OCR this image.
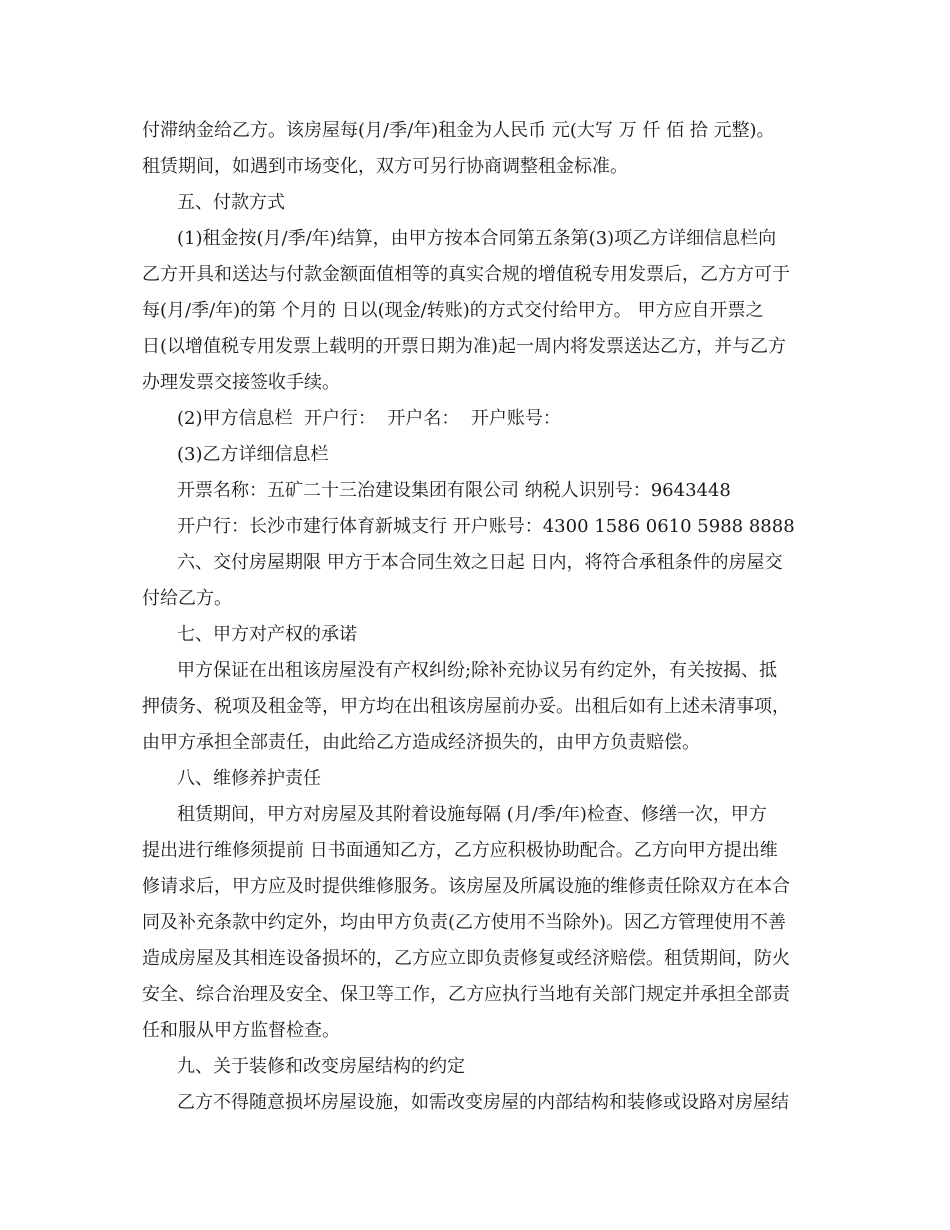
付滞纳金给乙方。该房屋每(月/季/年)租金为人民币 元(大写 万 仟 佰 拾 元整)。
租赁期间，如遇到市场变化，双方可另行协商调整租金标准。
五、付款方式
(1)租金按(月/季/年)结算，由甲方按本合同第五条第(3)项乙方详细信息栏向
乙方开具和送达与付款金额面值相等的真实合规的增值税专用发票后，乙方方可于
每(月/季/年)的第 个月的 日以(现金/转账)的方式交付给甲方。 甲方应自开票之
日(以增值税专用发票上载明的开票日期为准)起一周内将发票送达乙方，并与乙方
办理发票交接签收手续。
(2)甲方信息栏  开户行：  开户名：  开户账号：
(3)乙方详细信息栏
开票名称：五矿二十三冶建设集团有限公司 纳税人识别号：9643448
开户行：长沙市建行体育新城支行 开户账号：4300 1586 0610 5988 8888
六、交付房屋期限 甲方于本合同生效之日起 日内，将符合承租条件的房屋交
付给乙方。
七、甲方对产权的承诺
甲方保证在出租该房屋没有产权纠纷;除补充协议另有约定外，有关按揭、抵
押债务、税项及租金等，甲方均在出租该房屋前办妥。出租后如有上述未清事项，
由甲方承担全部责任，由此给乙方造成经济损失的，由甲方负责赔偿。
八、维修养护责任
租赁期间，甲方对房屋及其附着设施每隔 (月/季/年)检查、修缮一次，甲方
提出进行维修须提前 日书面通知乙方，乙方应积极协助配合。乙方向甲方提出维
修请求后，甲方应及时提供维修服务。该房屋及所属设施的维修责任除双方在本合
同及补充条款中约定外，均由甲方负责(乙方使用不当除外)。因乙方管理使用不善
造成房屋及其相连设备损坏的，乙方应立即负责修复或经济赔偿。租赁期间，防火
安全、综合治理及安全、保卫等工作，乙方应执行当地有关部门规定并承担全部责
任和服从甲方监督检查。
九、关于装修和改变房屋结构的约定
乙方不得随意损坏房屋设施，如需改变房屋的内部结构和装修或设路对房屋结
